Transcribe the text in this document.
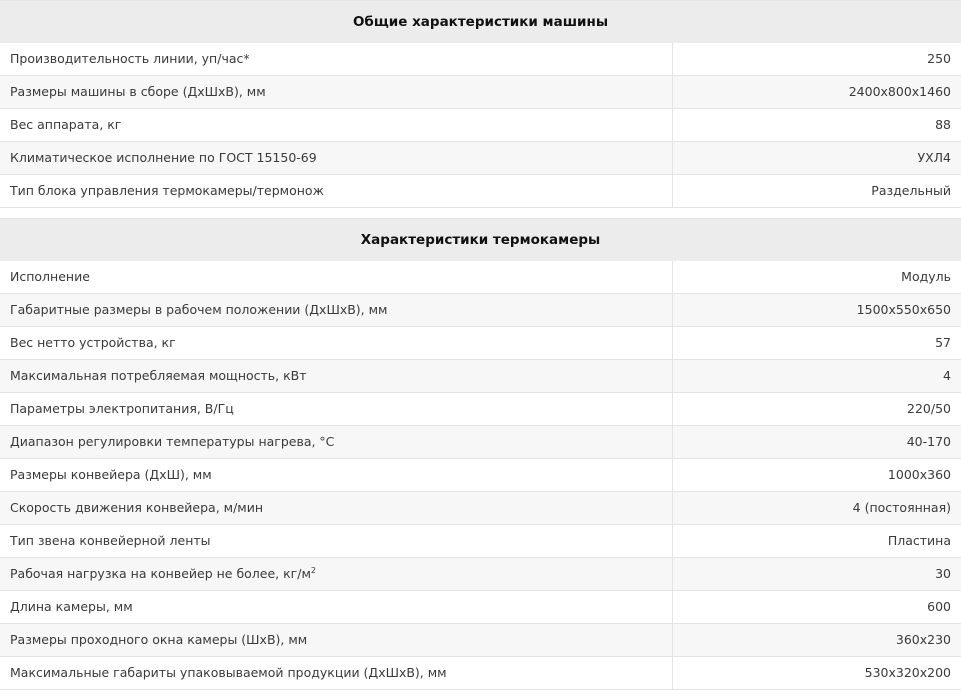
Общие характеристики машины
Производительность линии, уп/час*	250
Размеры машины в сборе (ДхШхВ), мм	2400х800х1460
Вес аппарата, кг	88
Климатическое исполнение по ГОСТ 15150-69	УХЛ4
Тип блока управления термокамеры/термонож	Раздельный
Характеристики термокамеры
Исполнение	Модуль
Габаритные размеры в рабочем положении (ДхШхВ), мм	1500х550х650
Вес нетто устройства, кг	57
Максимальная потребляемая мощность, кВт	4
Параметры электропитания, В/Гц	220/50
Диапазон регулировки температуры нагрева, °C	40-170
Размеры конвейера (ДхШ), мм	1000х360
Скорость движения конвейера, м/мин	4 (постоянная)
Тип звена конвейерной ленты	Пластина
Рабочая нагрузка на конвейер не более, $кг/м^2$	30
Длина камеры, мм	600
Размеры проходного окна камеры (ШхВ), мм	360х230
Максимальные габариты упаковываемой продукции (ДхШхВ), мм	530х320х200
